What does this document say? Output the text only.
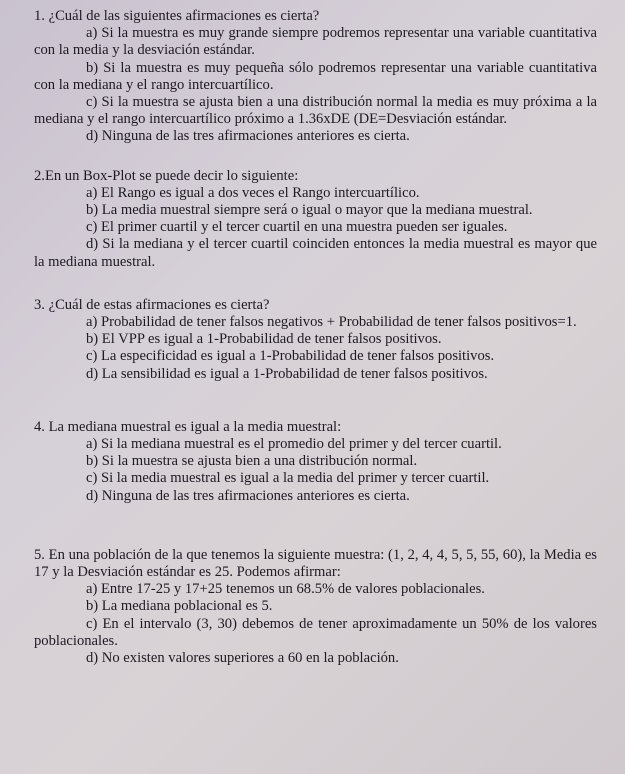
1. ¿Cuál de las siguientes afirmaciones es cierta?

a) Si la muestra es muy grande siempre podremos representar una variable cuantitativa con la media y la desviación estándar.

b) Si la muestra es muy pequeña sólo podremos representar una variable cuantitativa con la mediana y el rango intercuartílico.

c) Si la muestra se ajusta bien a una distribución normal la media es muy próxima a la mediana y el rango intercuartílico próximo a 1.36xDE (DE=Desviación estándar.

d) Ninguna de las tres afirmaciones anteriores es cierta.

2.En un Box-Plot se puede decir lo siguiente:

a) El Rango es igual a dos veces el Rango intercuartílico.

b) La media muestral siempre será o igual o mayor que la mediana muestral.

c) El primer cuartil y el tercer cuartil en una muestra pueden ser iguales.

d) Si la mediana y el tercer cuartil coinciden entonces la media muestral es mayor que la mediana muestral.

3. ¿Cuál de estas afirmaciones es cierta?

a) Probabilidad de tener falsos negativos + Probabilidad de tener falsos positivos=1.

b) El VPP es igual a 1-Probabilidad de tener falsos positivos.

c) La especificidad es igual a 1-Probabilidad de tener falsos positivos.

d) La sensibilidad es igual a 1-Probabilidad de tener falsos positivos.

4. La mediana muestral es igual a la media muestral:

a) Si la mediana muestral es el promedio del primer y del tercer cuartil.

b) Si la muestra se ajusta bien a una distribución normal.

c) Si la media muestral es igual a la media del primer y tercer cuartil.

d) Ninguna de las tres afirmaciones anteriores es cierta.

5. En una población de la que tenemos la siguiente muestra: (1, 2, 4, 4, 5, 5, 55, 60), la Media es 17 y la Desviación estándar es 25. Podemos afirmar:

a) Entre 17-25 y 17+25 tenemos un 68.5% de valores poblacionales.

b) La mediana poblacional es 5.

c) En el intervalo (3, 30) debemos de tener aproximadamente un 50% de los valores poblacionales.

d) No existen valores superiores a 60 en la población.
